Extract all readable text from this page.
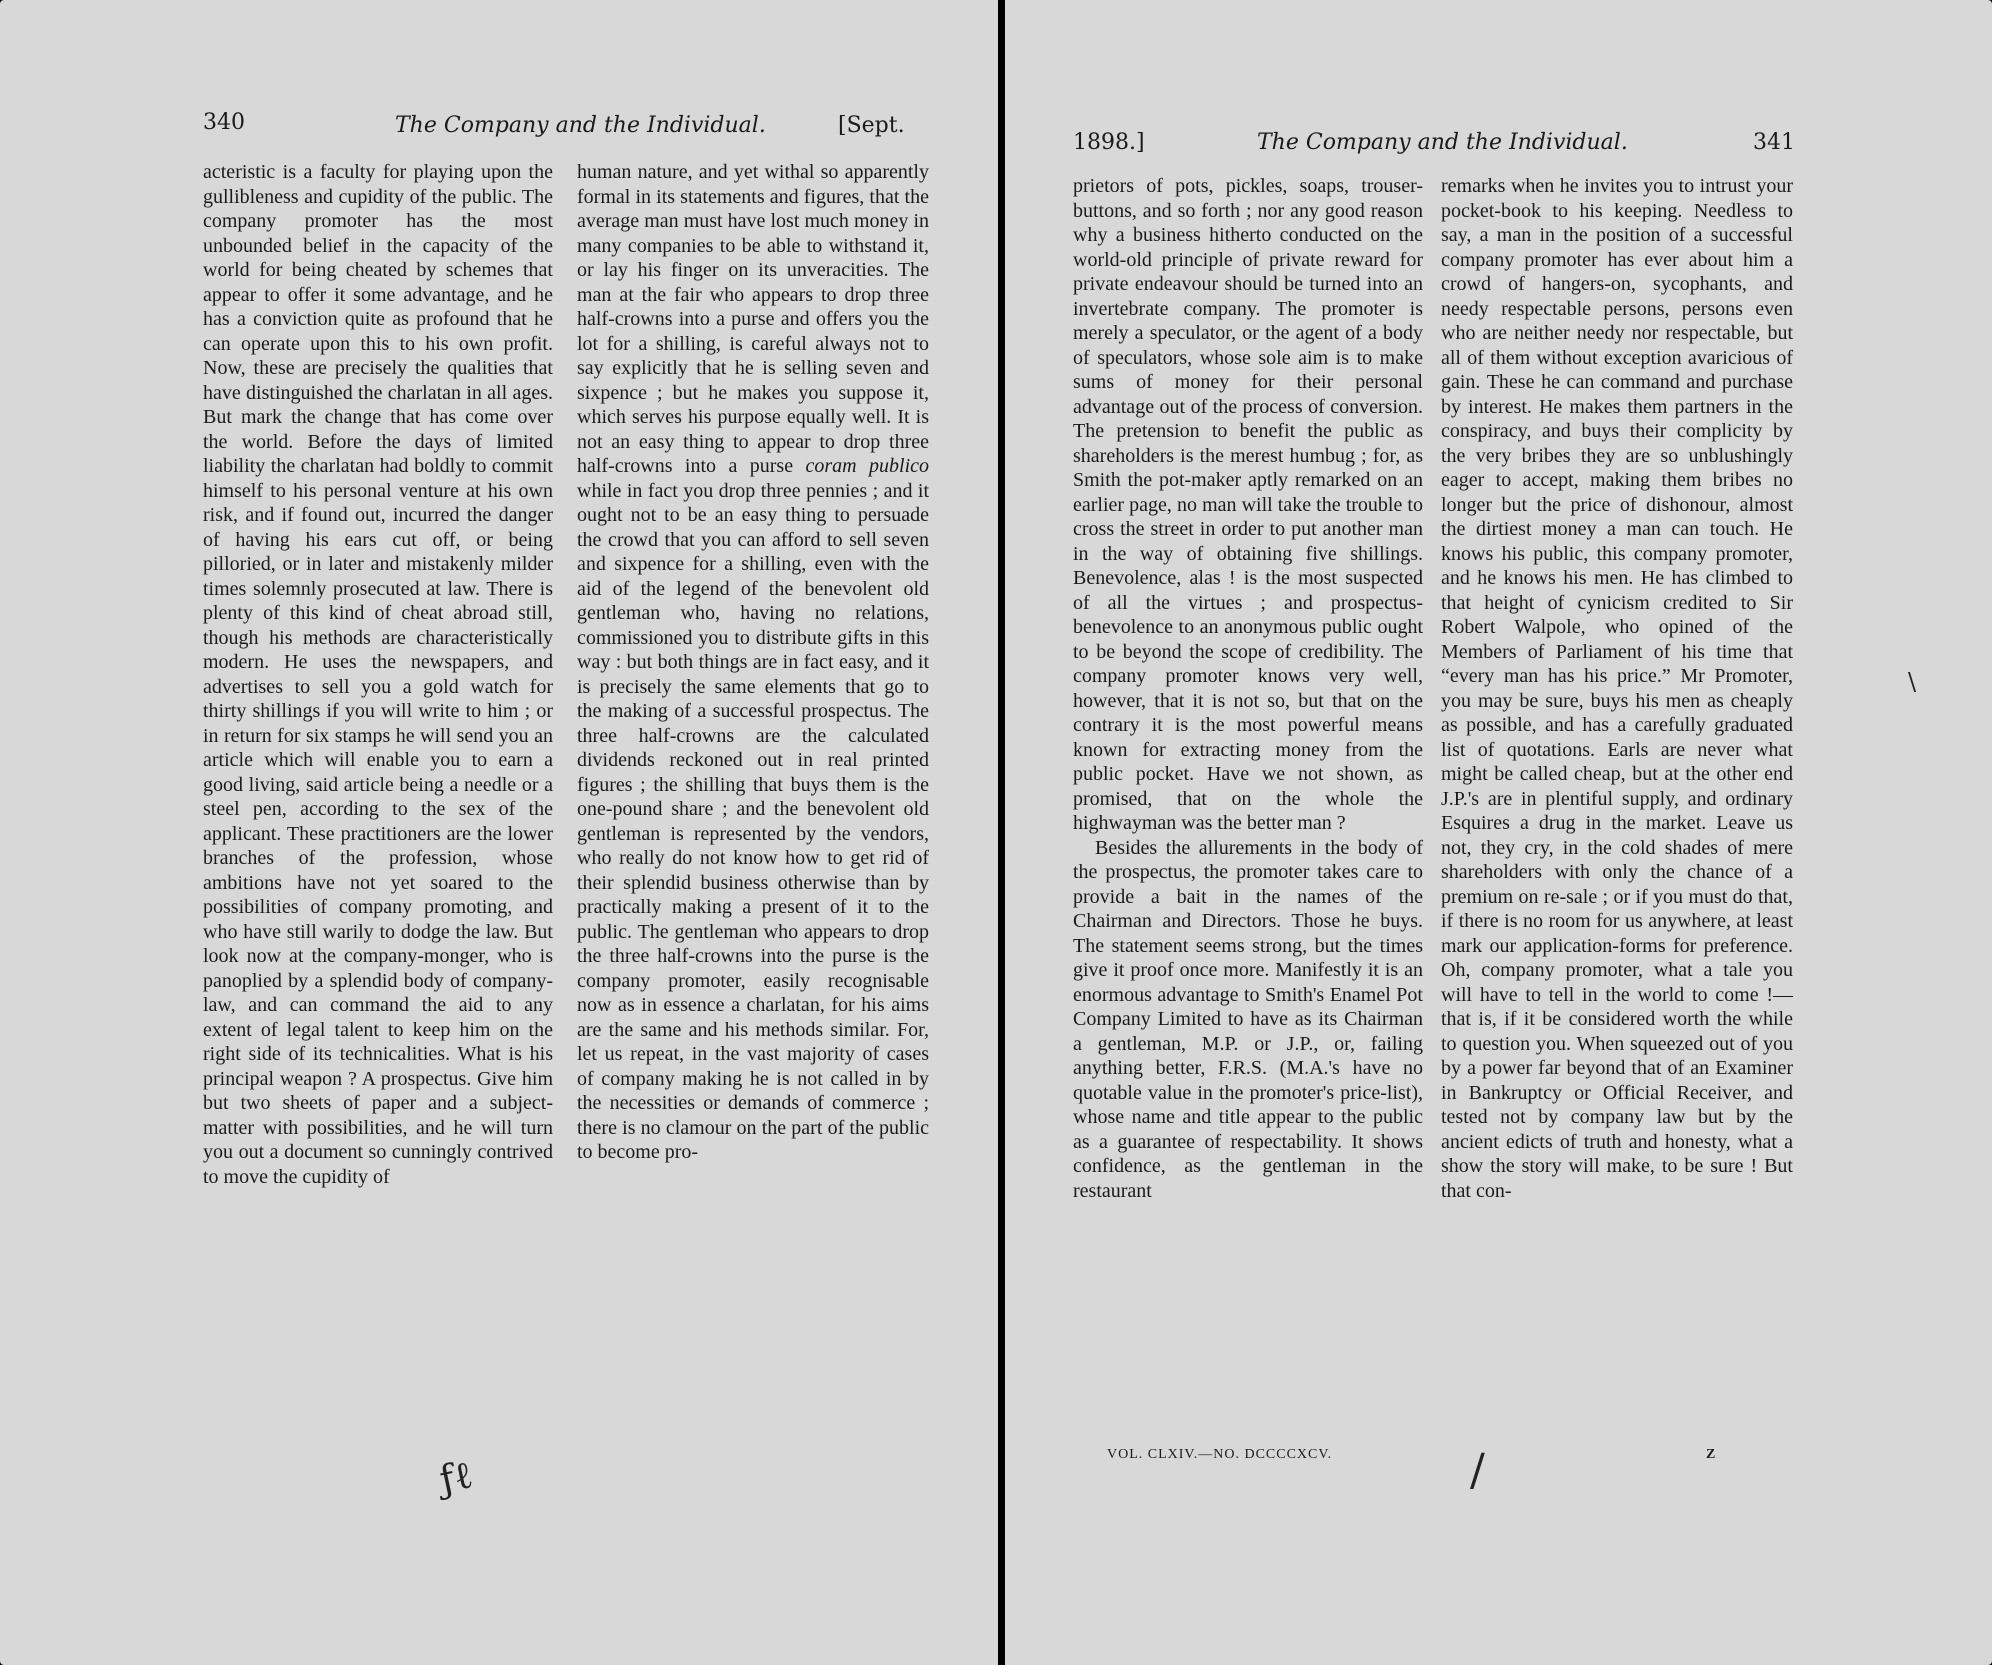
340	The Company and the Individual.	[Sept.

acteristic is a faculty for playing upon the gullibleness and cupidity of the public. The company promoter has the most unbounded belief in the capacity of the world for being cheated by schemes that appear to offer it some advantage, and he has a conviction quite as profound that he can operate upon this to his own profit. Now, these are precisely the qualities that have distinguished the charlatan in all ages. But mark the change that has come over the world. Before the days of limited liability the charlatan had boldly to commit himself to his personal venture at his own risk, and if found out, incurred the danger of having his ears cut off, or being pilloried, or in later and mistakenly milder times solemnly prosecuted at law. There is plenty of this kind of cheat abroad still, though his methods are characteristically modern. He uses the newspapers, and advertises to sell you a gold watch for thirty shillings if you will write to him ; or in return for six stamps he will send you an article which will enable you to earn a good living, said article being a needle or a steel pen, according to the sex of the applicant. These practitioners are the lower branches of the profession, whose ambitions have not yet soared to the possibilities of company promoting, and who have still warily to dodge the law. But look now at the company-monger, who is panoplied by a splendid body of company-law, and can command the aid to any extent of legal talent to keep him on the right side of its technicalities. What is his principal weapon ? A prospectus. Give him but two sheets of paper and a subject-matter with possibilities, and he will turn you out a document so cunningly contrived to move the cupidity of

human nature, and yet withal so apparently formal in its statements and figures, that the average man must have lost much money in many companies to be able to withstand it, or lay his finger on its unveracities. The man at the fair who appears to drop three half-crowns into a purse and offers you the lot for a shilling, is careful always not to say explicitly that he is selling seven and sixpence ; but he makes you suppose it, which serves his purpose equally well. It is not an easy thing to appear to drop three half-crowns into a purse coram publico while in fact you drop three pennies ; and it ought not to be an easy thing to persuade the crowd that you can afford to sell seven and sixpence for a shilling, even with the aid of the legend of the benevolent old gentleman who, having no relations, commissioned you to distribute gifts in this way : but both things are in fact easy, and it is precisely the same elements that go to the making of a successful prospectus. The three half-crowns are the calculated dividends reckoned out in real printed figures ; the shilling that buys them is the one-pound share ; and the benevolent old gentleman is represented by the vendors, who really do not know how to get rid of their splendid business otherwise than by practically making a present of it to the public. The gentleman who appears to drop the three half-crowns into the purse is the company promoter, easily recognisable now as in essence a charlatan, for his aims are the same and his methods similar. For, let us repeat, in the vast majority of cases of company making he is not called in by the necessities or demands of commerce ; there is no clamour on the part of the public to become pro-

ƒℓ
1898.]	The Company and the Individual.	341

prietors of pots, pickles, soaps, trouser-buttons, and so forth ; nor any good reason why a business hitherto conducted on the world-old principle of private reward for private endeavour should be turned into an invertebrate company. The promoter is merely a speculator, or the agent of a body of speculators, whose sole aim is to make sums of money for their personal advantage out of the process of conversion. The pretension to benefit the public as shareholders is the merest humbug ; for, as Smith the pot-maker aptly remarked on an earlier page, no man will take the trouble to cross the street in order to put another man in the way of obtaining five shillings. Benevolence, alas ! is the most suspected of all the virtues ; and prospectus-benevolence to an anonymous public ought to be beyond the scope of credibility. The company promoter knows very well, however, that it is not so, but that on the contrary it is the most powerful means known for extracting money from the public pocket. Have we not shown, as promised, that on the whole the highwayman was the better man ?

Besides the allurements in the body of the prospectus, the promoter takes care to provide a bait in the names of the Chairman and Directors. Those he buys. The statement seems strong, but the times give it proof once more. Manifestly it is an enormous advantage to Smith's Enamel Pot Company Limited to have as its Chairman a gentleman, M.P. or J.P., or, failing anything better, F.R.S. (M.A.'s have no quotable value in the promoter's price-list), whose name and title appear to the public as a guarantee of respectability. It shows confidence, as the gentleman in the restaurant

remarks when he invites you to intrust your pocket-book to his keeping. Needless to say, a man in the position of a successful company promoter has ever about him a crowd of hangers-on, sycophants, and needy respectable persons, persons even who are neither needy nor respectable, but all of them without exception avaricious of gain. These he can command and purchase by interest. He makes them partners in the conspiracy, and buys their complicity by the very bribes they are so unblushingly eager to accept, making them bribes no longer but the price of dishonour, almost the dirtiest money a man can touch. He knows his public, this company promoter, and he knows his men. He has climbed to that height of cynicism credited to Sir Robert Walpole, who opined of the Members of Parliament of his time that “every man has his price.” Mr Promoter, you may be sure, buys his men as cheaply as possible, and has a carefully graduated list of quotations. Earls are never what might be called cheap, but at the other end J.P.'s are in plentiful supply, and ordinary Esquires a drug in the market. Leave us not, they cry, in the cold shades of mere shareholders with only the chance of a premium on re-sale ; or if you must do that, if there is no room for us anywhere, at least mark our application-forms for preference. Oh, company promoter, what a tale you will have to tell in the world to come !—that is, if it be considered worth the while to question you. When squeezed out of you by a power far beyond that of an Examiner in Bankruptcy or Official Receiver, and tested not by company law but by the ancient edicts of truth and honesty, what a show the story will make, to be sure ! But that con-

VOL. CLXIV.—NO. DCCCCXCV.	Z
/
\
